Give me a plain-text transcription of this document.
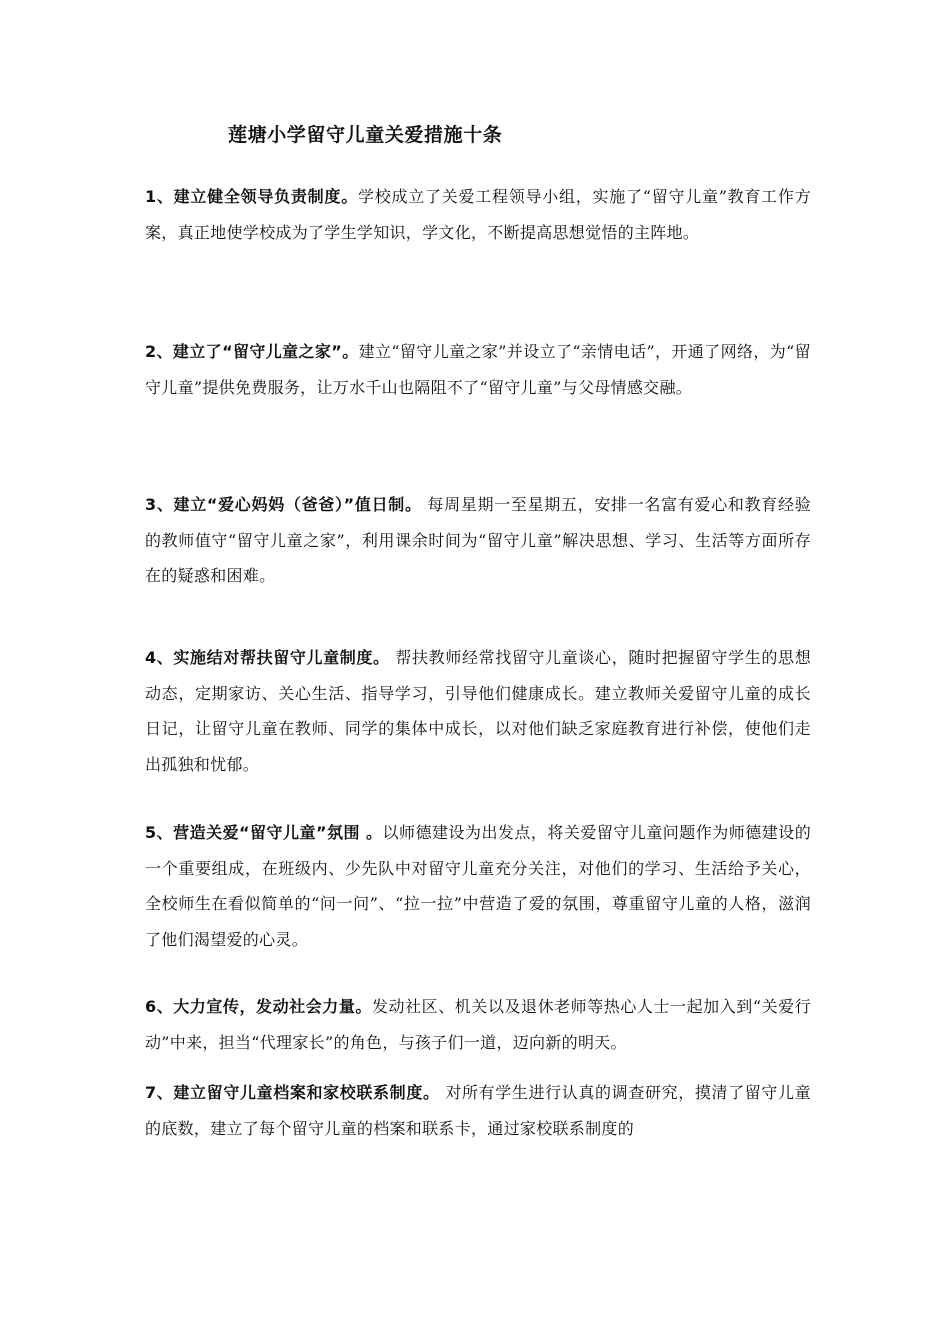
莲塘小学留守儿童关爱措施十条

1、建立健全领导负责制度。学校成立了关爱工程领导小组，实施了“留守儿童”教育工作方案，真正地使学校成为了学生学知识，学文化，不断提高思想觉悟的主阵地。

2、建立了“留守儿童之家”。建立“留守儿童之家”并设立了“亲情电话”，开通了网络，为“留守儿童”提供免费服务，让万水千山也隔阻不了“留守儿童”与父母情感交融。

3、建立“爱心妈妈（爸爸）”值日制。 每周星期一至星期五，安排一名富有爱心和教育经验的教师值守“留守儿童之家”，利用课余时间为“留守儿童”解决思想、学习、生活等方面所存在的疑惑和困难。

4、实施结对帮扶留守儿童制度。 帮扶教师经常找留守儿童谈心，随时把握留守学生的思想动态，定期家访、关心生活、指导学习，引导他们健康成长。建立教师关爱留守儿童的成长日记，让留守儿童在教师、同学的集体中成长，以对他们缺乏家庭教育进行补偿，使他们走出孤独和忧郁。

5、营造关爱“留守儿童”氛围 。以师德建设为出发点，将关爱留守儿童问题作为师德建设的一个重要组成，在班级内、少先队中对留守儿童充分关注，对他们的学习、生活给予关心，全校师生在看似简单的“问一问”、“拉一拉”中营造了爱的氛围，尊重留守儿童的人格，滋润了他们渴望爱的心灵。

6、大力宣传，发动社会力量。发动社区、机关以及退休老师等热心人士一起加入到“关爱行动”中来，担当“代理家长”的角色，与孩子们一道，迈向新的明天。

7、建立留守儿童档案和家校联系制度。 对所有学生进行认真的调查研究，摸清了留守儿童的底数，建立了每个留守儿童的档案和联系卡，通过家校联系制度的
